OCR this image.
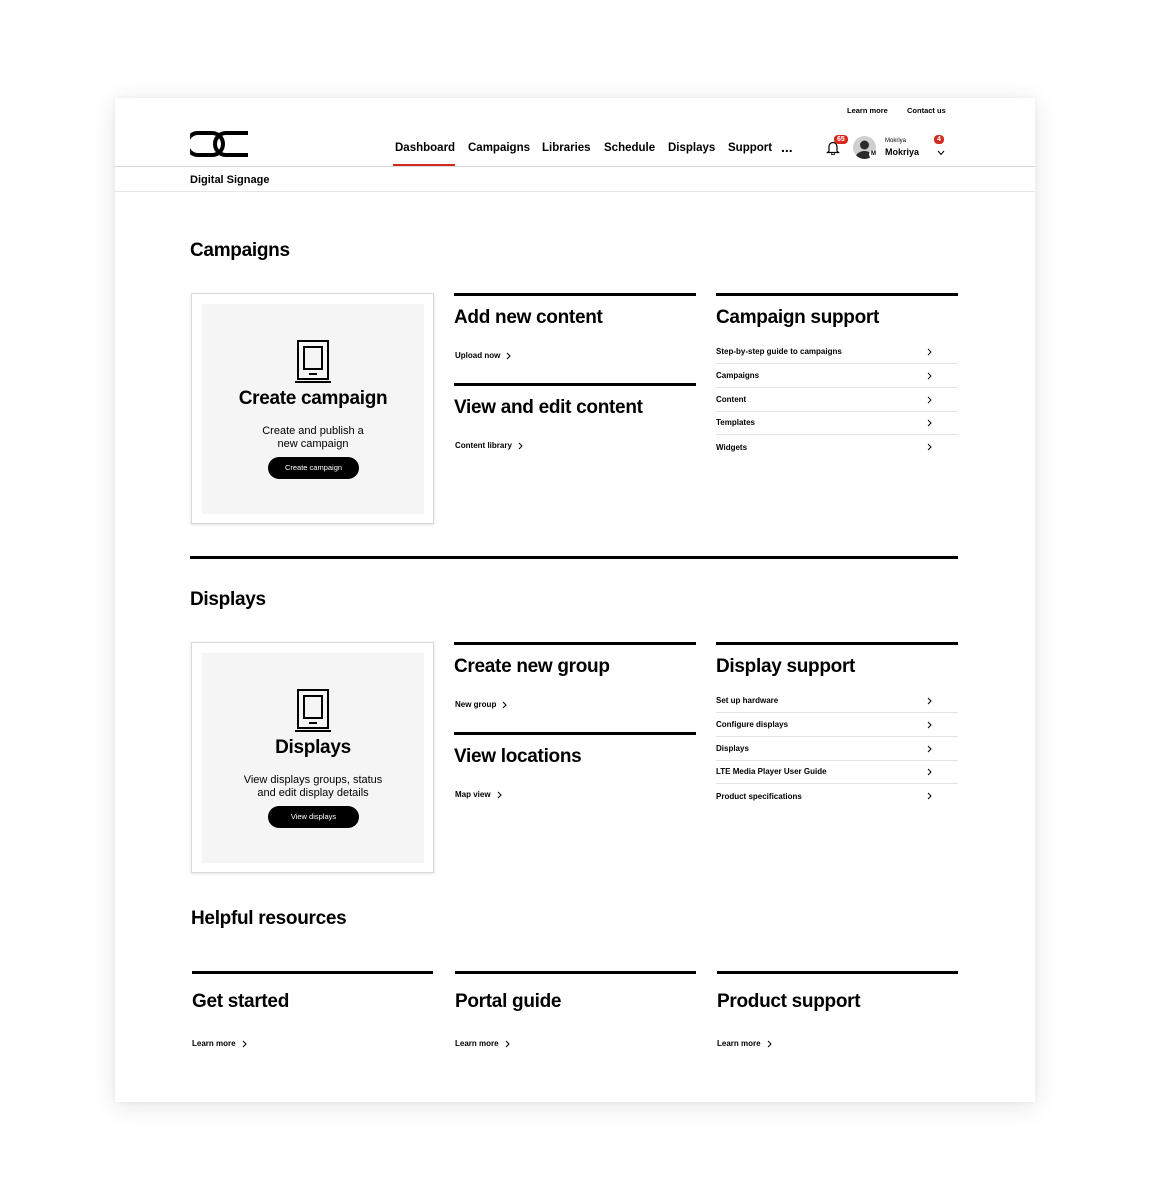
Learn more	Contact us
Dashboard Campaigns Libraries Schedule Displays Support ...	65
M
Mokriya
Mokriya
4
Digital Signage
Campaigns
Create campaign
Create and publish a
new campaign
Create campaign
Add new content
Upload now
View and edit content
Content library
Campaign support
Step-by-step guide to campaigns
Campaigns
Content
Templates
Widgets
Displays
Displays
View displays groups, status
and edit display details
View displays
Create new group
New group
View locations
Map view
Display support
Set up hardware
Configure displays
Displays
LTE Media Player User Guide
Product specifications
Helpful resources
Get started
Learn more
Portal guide
Learn more
Product support
Learn more
